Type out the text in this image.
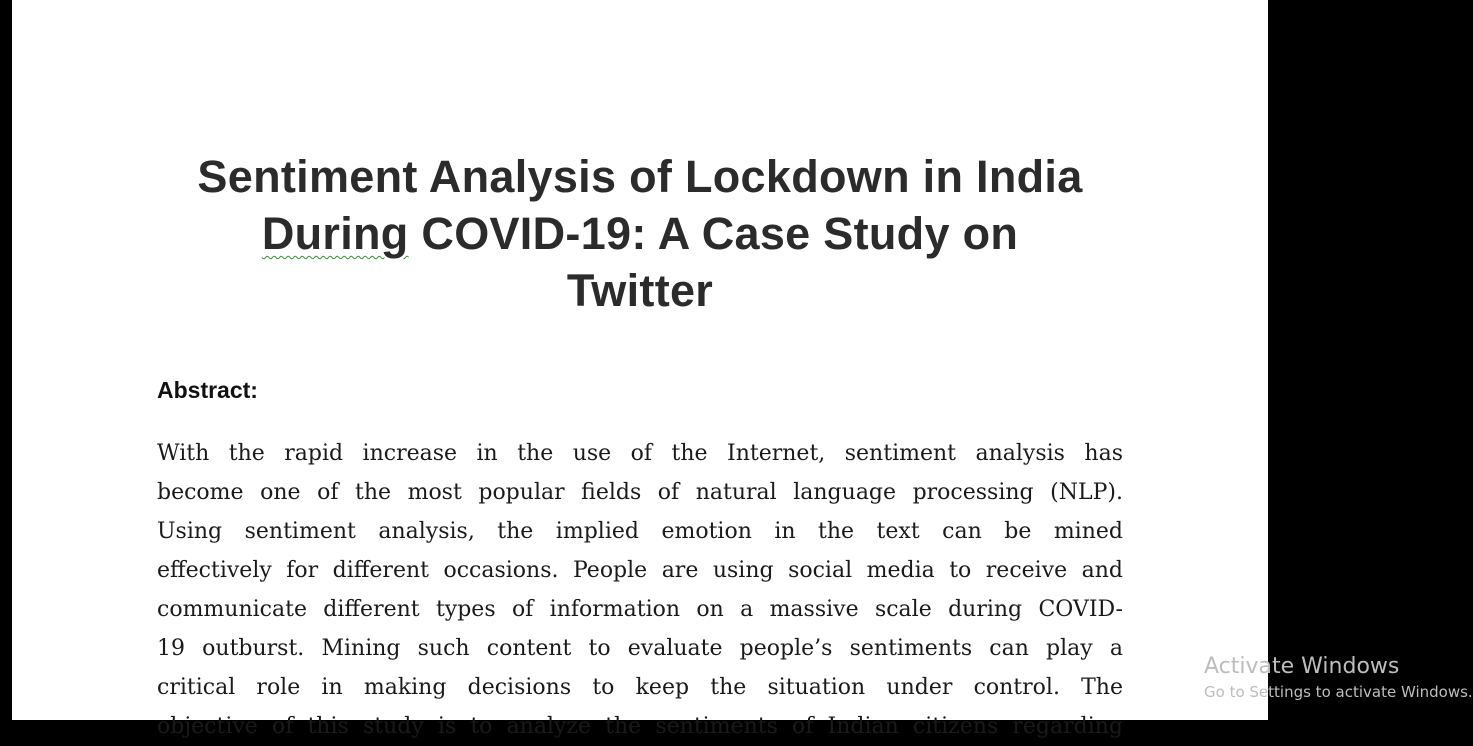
Sentiment Analysis of Lockdown in India
During COVID-19: A Case Study on
Twitter
Abstract:
With the rapid increase in the use of the Internet, sentiment analysis has
become one of the most popular fields of natural language processing (NLP).
Using sentiment analysis, the implied emotion in the text can be mined
effectively for different occasions. People are using social media to receive and
communicate different types of information on a massive scale during COVID-
19 outburst. Mining such content to evaluate people’s sentiments can play a
critical role in making decisions to keep the situation under control. The
objective of this study is to analyze the sentiments of Indian citizens regarding
Activate Windows
Go to Settings to activate Windows.
